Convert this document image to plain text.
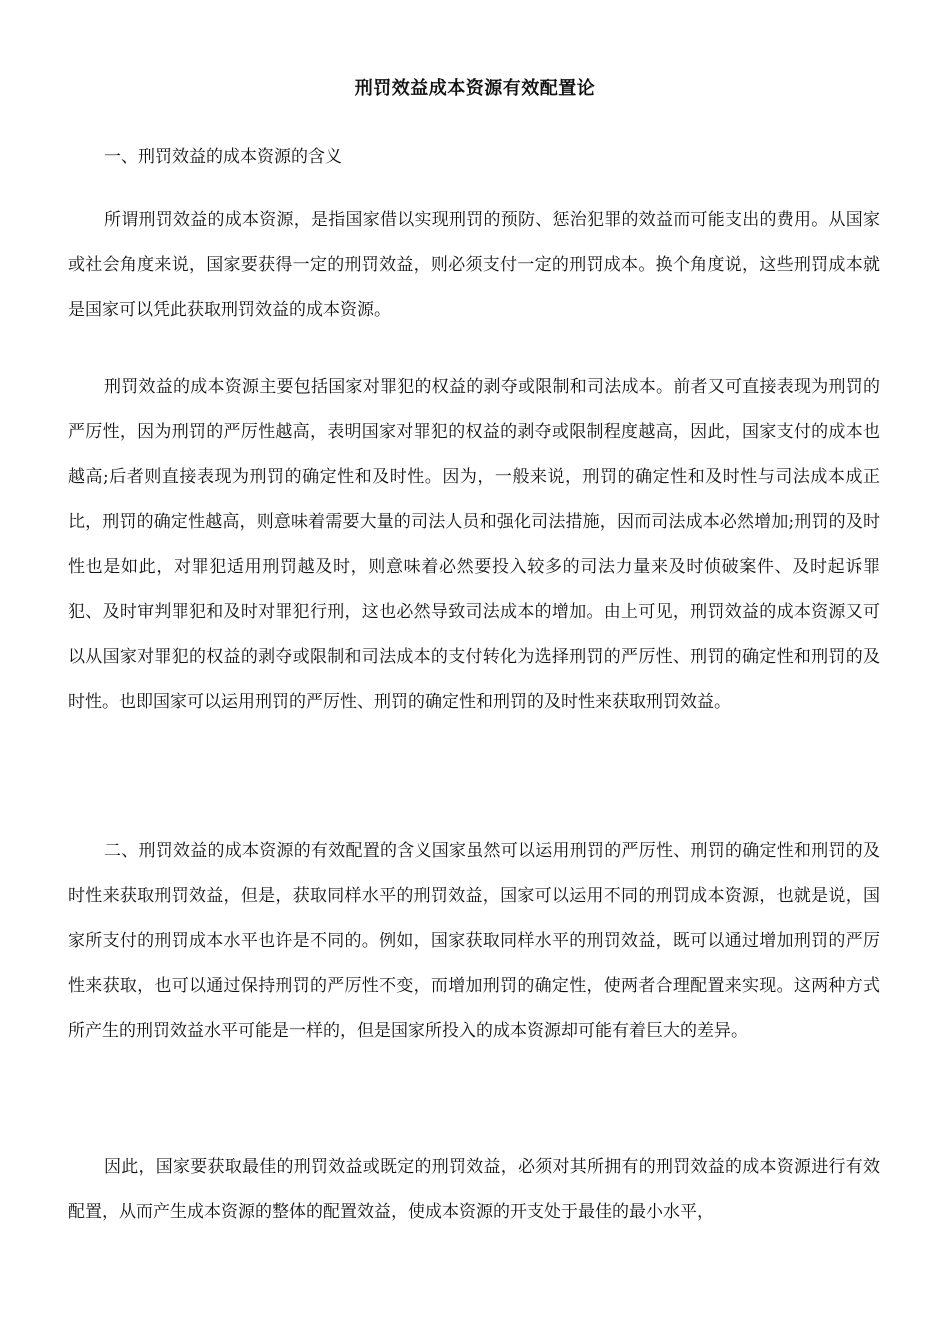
刑罚效益成本资源有效配置论

一、刑罚效益的成本资源的含义

所谓刑罚效益的成本资源，是指国家借以实现刑罚的预防、惩治犯罪的效益而可能支出的费用。从国家或社会角度来说，国家要获得一定的刑罚效益，则必须支付一定的刑罚成本。换个角度说，这些刑罚成本就是国家可以凭此获取刑罚效益的成本资源。

刑罚效益的成本资源主要包括国家对罪犯的权益的剥夺或限制和司法成本。前者又可直接表现为刑罚的严厉性，因为刑罚的严厉性越高，表明国家对罪犯的权益的剥夺或限制程度越高，因此，国家支付的成本也越高;后者则直接表现为刑罚的确定性和及时性。因为，一般来说，刑罚的确定性和及时性与司法成本成正比，刑罚的确定性越高，则意味着需要大量的司法人员和强化司法措施，因而司法成本必然增加;刑罚的及时性也是如此，对罪犯适用刑罚越及时，则意味着必然要投入较多的司法力量来及时侦破案件、及时起诉罪犯、及时审判罪犯和及时对罪犯行刑，这也必然导致司法成本的增加。由上可见，刑罚效益的成本资源又可以从国家对罪犯的权益的剥夺或限制和司法成本的支付转化为选择刑罚的严厉性、刑罚的确定性和刑罚的及时性。也即国家可以运用刑罚的严厉性、刑罚的确定性和刑罚的及时性来获取刑罚效益。

二、刑罚效益的成本资源的有效配置的含义国家虽然可以运用刑罚的严厉性、刑罚的确定性和刑罚的及时性来获取刑罚效益，但是，获取同样水平的刑罚效益，国家可以运用不同的刑罚成本资源，也就是说，国家所支付的刑罚成本水平也许是不同的。例如，国家获取同样水平的刑罚效益，既可以通过增加刑罚的严厉性来获取，也可以通过保持刑罚的严厉性不变，而增加刑罚的确定性，使两者合理配置来实现。这两种方式所产生的刑罚效益水平可能是一样的，但是国家所投入的成本资源却可能有着巨大的差异。

因此，国家要获取最佳的刑罚效益或既定的刑罚效益，必须对其所拥有的刑罚效益的成本资源进行有效配置，从而产生成本资源的整体的配置效益，使成本资源的开支处于最佳的最小水平，
